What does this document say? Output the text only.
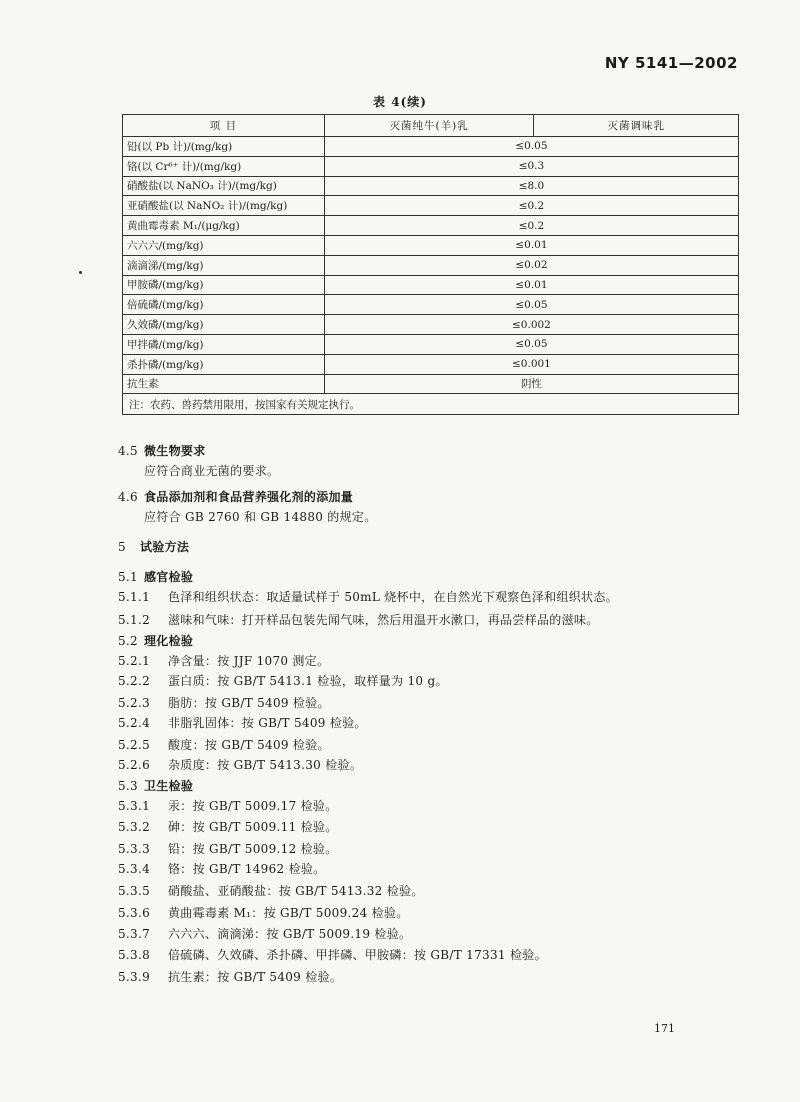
NY 5141—2002
表 4(续)
项 目	灭菌纯牛(羊)乳	灭菌调味乳
铅(以 Pb 计)/(mg/kg)	≤0.05	
铬(以 Cr⁶⁺ 计)/(mg/kg)	≤0.3	
硝酸盐(以 NaNO₃ 计)/(mg/kg)	≤8.0	
亚硝酸盐(以 NaNO₂ 计)/(mg/kg)	≤0.2	
黄曲霉毒素 M₁/(μg/kg)	≤0.2	
六六六/(mg/kg)	≤0.01	
滴滴涕/(mg/kg)	≤0.02	
甲胺磷/(mg/kg)	≤0.01	
倍硫磷/(mg/kg)	≤0.05	
久效磷/(mg/kg)	≤0.002	
甲拌磷/(mg/kg)	≤0.05	
杀扑磷/(mg/kg)	≤0.001	
抗生素	阴性	
注：农药、兽药禁用限用，按国家有关规定执行。		
4.5 微生物要求
应符合商业无菌的要求。
4.6 食品添加剂和食品营养强化剂的添加量
应符合 GB 2760 和 GB 14880 的规定。
5 试验方法
5.1 感官检验
5.1.1 色泽和组织状态：取适量试样于 50mL 烧杯中，在自然光下观察色泽和组织状态。
5.1.2 滋味和气味：打开样品包装先闻气味，然后用温开水漱口，再品尝样品的滋味。
5.2 理化检验
5.2.1 净含量：按 JJF 1070 测定。
5.2.2 蛋白质：按 GB/T 5413.1 检验，取样量为 10 g。
5.2.3 脂肪：按 GB/T 5409 检验。
5.2.4 非脂乳固体：按 GB/T 5409 检验。
5.2.5 酸度：按 GB/T 5409 检验。
5.2.6 杂质度：按 GB/T 5413.30 检验。
5.3 卫生检验
5.3.1 汞：按 GB/T 5009.17 检验。
5.3.2 砷：按 GB/T 5009.11 检验。
5.3.3 铅：按 GB/T 5009.12 检验。
5.3.4 铬：按 GB/T 14962 检验。
5.3.5 硝酸盐、亚硝酸盐：按 GB/T 5413.32 检验。
5.3.6 黄曲霉毒素 M₁：按 GB/T 5009.24 检验。
5.3.7 六六六、滴滴涕：按 GB/T 5009.19 检验。
5.3.8 倍硫磷、久效磷、杀扑磷、甲拌磷、甲胺磷：按 GB/T 17331 检验。
5.3.9 抗生素：按 GB/T 5409 检验。
171
